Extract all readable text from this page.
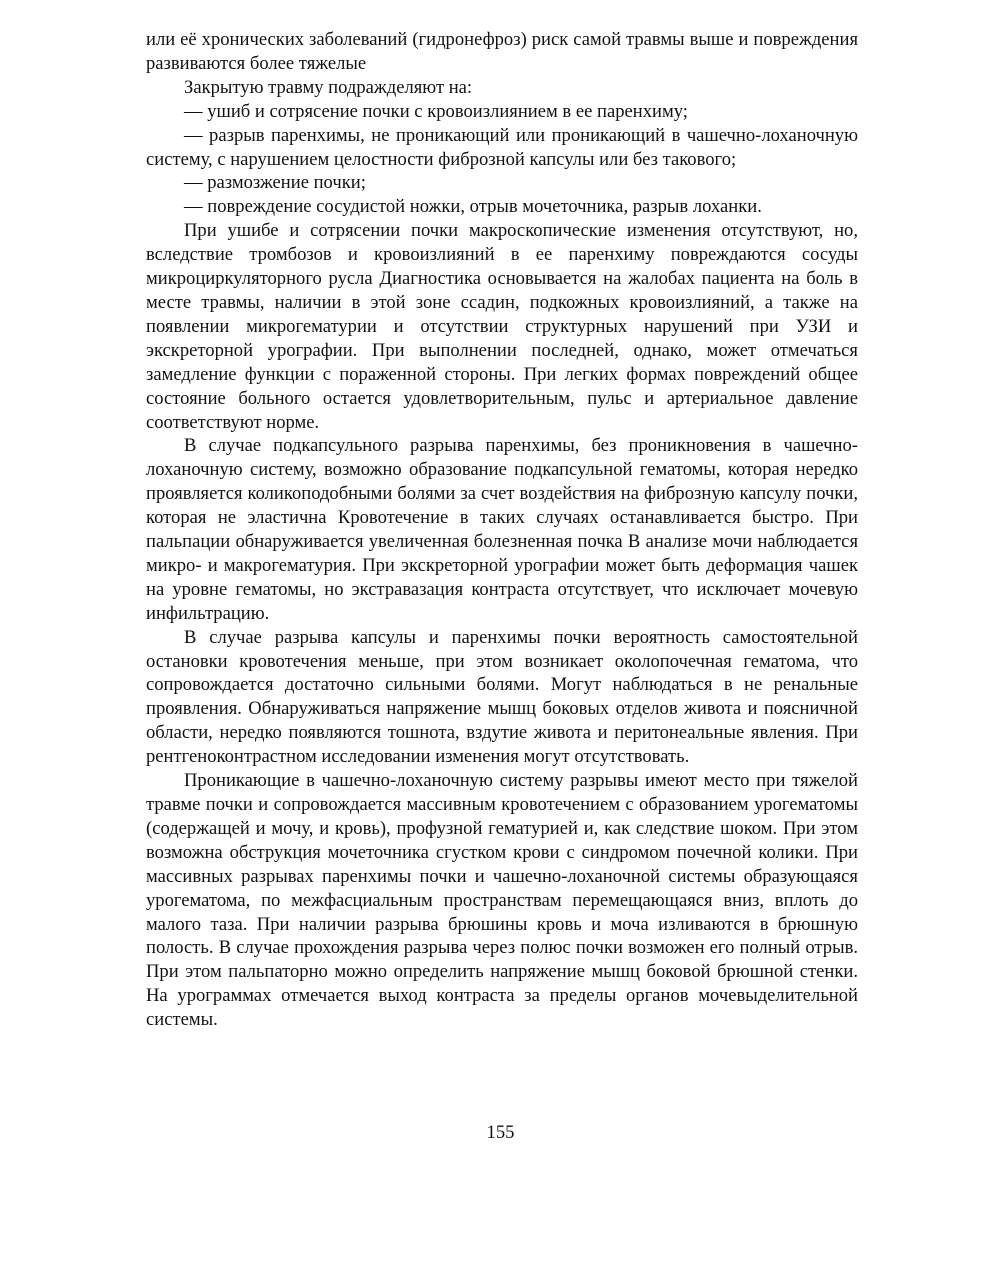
или её хронических заболеваний (гидронефроз) риск самой травмы выше и повреждения развиваются более тяжелые

Закрытую травму подражделяют на:

— ушиб и сотрясение почки с кровоизлиянием в ее паренхиму;

— разрыв паренхимы, не проникающий или проникающий в чашечно-лоханочную систему, с нарушением целостности фиброзной капсулы или без такового;

— размозжение почки;

— повреждение сосудистой ножки, отрыв мочеточника, разрыв лоханки.

При ушибе и сотрясении почки макроскопические изменения отсутствуют, но, вследствие тромбозов и кровоизлияний в ее паренхиму повреждаются сосуды микроциркуляторного русла Диагностика основывается на жалобах пациента на боль в месте травмы, наличии в этой зоне ссадин, подкожных кровоизлияний, а также на появлении микрогематурии и отсутствии структурных нарушений при УЗИ и экскреторной урографии. При выполнении последней, однако, может отмечаться замедление функции с пораженной стороны. При легких формах повреждений общее состояние больного остается удовлетворительным, пульс и артериальное давление соответствуют норме.

В случае подкапсульного разрыва паренхимы, без проникновения в чашечно-лоханочную систему, возможно образование подкапсульной гематомы, которая нередко проявляется коликоподобными болями за счет воздействия на фиброзную капсулу почки, которая не эластична Кровотечение в таких случаях останавливается быстро. При пальпации обнаруживается увеличенная болезненная почка В анализе мочи наблюдается микро- и макрогематурия. При экскреторной урографии может быть деформация чашек на уровне гематомы, но экстравазация контраста отсутствует, что исключает мочевую инфильтрацию.

В случае разрыва капсулы и паренхимы почки вероятность самостоятельной остановки кровотечения меньше, при этом возникает околопочечная гематома, что сопровождается достаточно сильными болями. Могут наблюдаться в не ренальные проявления. Обнаруживаться напряжение мышц боковых отделов живота и поясничной области, нередко появляются тошнота, вздутие живота и перитонеальные явления. При рентгеноконтрастном исследовании изменения могут отсутствовать.

Проникающие в чашечно-лоханочную систему разрывы имеют место при тяжелой травме почки и сопровождается массивным кровотечением с образованием урогематомы (содержащей и мочу, и кровь), профузной гематурией и, как следствие шоком. При этом возможна обструкция мочеточника сгустком крови с синдромом почечной колики. При массивных разрывах паренхимы почки и чашечно-лоханочной системы образующаяся урогематома, по межфасциальным пространствам перемещающаяся вниз, вплоть до малого таза. При наличии разрыва брюшины кровь и моча изливаются в брюшную полость. В случае прохождения разрыва через полюс почки возможен его полный отрыв. При этом пальпаторно можно определить напряжение мышц боковой брюшной стенки. На урограммах отмечается выход контраста за пределы органов мочевыделительной системы.

155
